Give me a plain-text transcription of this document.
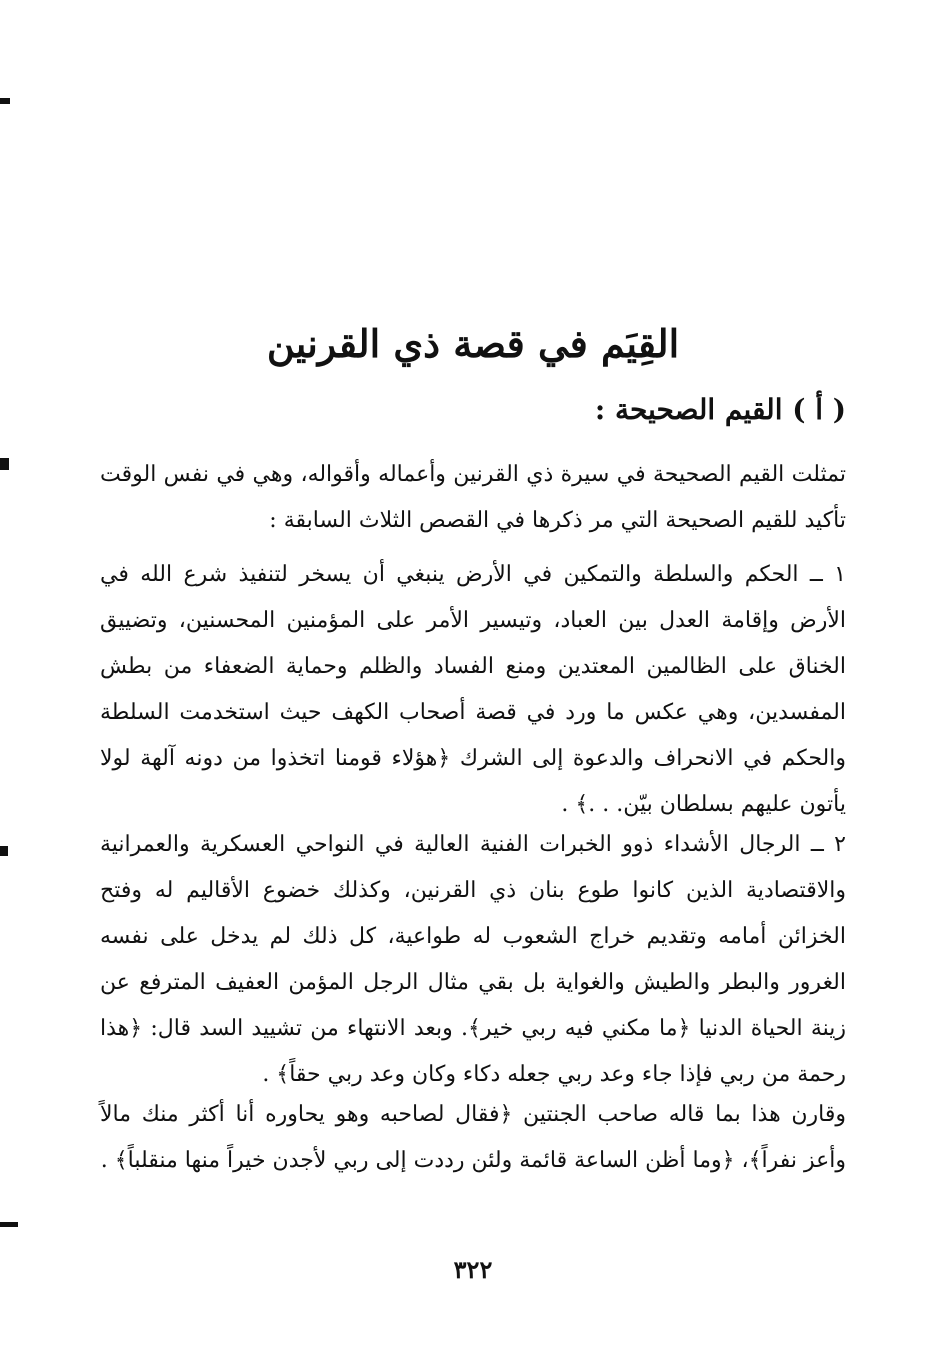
القِيَم في قصة ذي القرنين
( أ ) القيم الصحيحة :

تمثلت القيم الصحيحة في سيرة ذي القرنين وأعماله وأقواله، وهي في نفس الوقت تأكيد للقيم الصحيحة التي مر ذكرها في القصص الثلاث السابقة :

١ ــ الحكم والسلطة والتمكين في الأرض ينبغي أن يسخر لتنفيذ شرع الله في الأرض وإقامة العدل بين العباد، وتيسير الأمر على المؤمنين المحسنين، وتضييق الخناق على الظالمين المعتدين ومنع الفساد والظلم وحماية الضعفاء من بطش المفسدين، وهي عكس ما ورد في قصة أصحاب الكهف حيث استخدمت السلطة والحكم في الانحراف والدعوة إلى الشرك ﴿هؤلاء قومنا اتخذوا من دونه آلهة لولا يأتون عليهم بسلطان بيّن. . .﴾ .

٢ ــ الرجال الأشداء ذوو الخبرات الفنية العالية في النواحي العسكرية والعمرانية والاقتصادية الذين كانوا طوع بنان ذي القرنين، وكذلك خضوع الأقاليم له وفتح الخزائن أمامه وتقديم خراج الشعوب له طواعية، كل ذلك لم يدخل على نفسه الغرور والبطر والطيش والغواية بل بقي مثال الرجل المؤمن العفيف المترفع عن زينة الحياة الدنيا ﴿ما مكني فيه ربي خير﴾. وبعد الانتهاء من تشييد السد قال: ﴿هذا رحمة من ربي فإذا جاء وعد ربي جعله دكاء وكان وعد ربي حقاً﴾ .

وقارن هذا بما قاله صاحب الجنتين ﴿فقال لصاحبه وهو يحاوره أنا أكثر منك مالاً وأعز نفراً﴾، ﴿وما أظن الساعة قائمة ولئن رددت إلى ربي لأجدن خيراً منها منقلباً﴾ .

٣٢٢
